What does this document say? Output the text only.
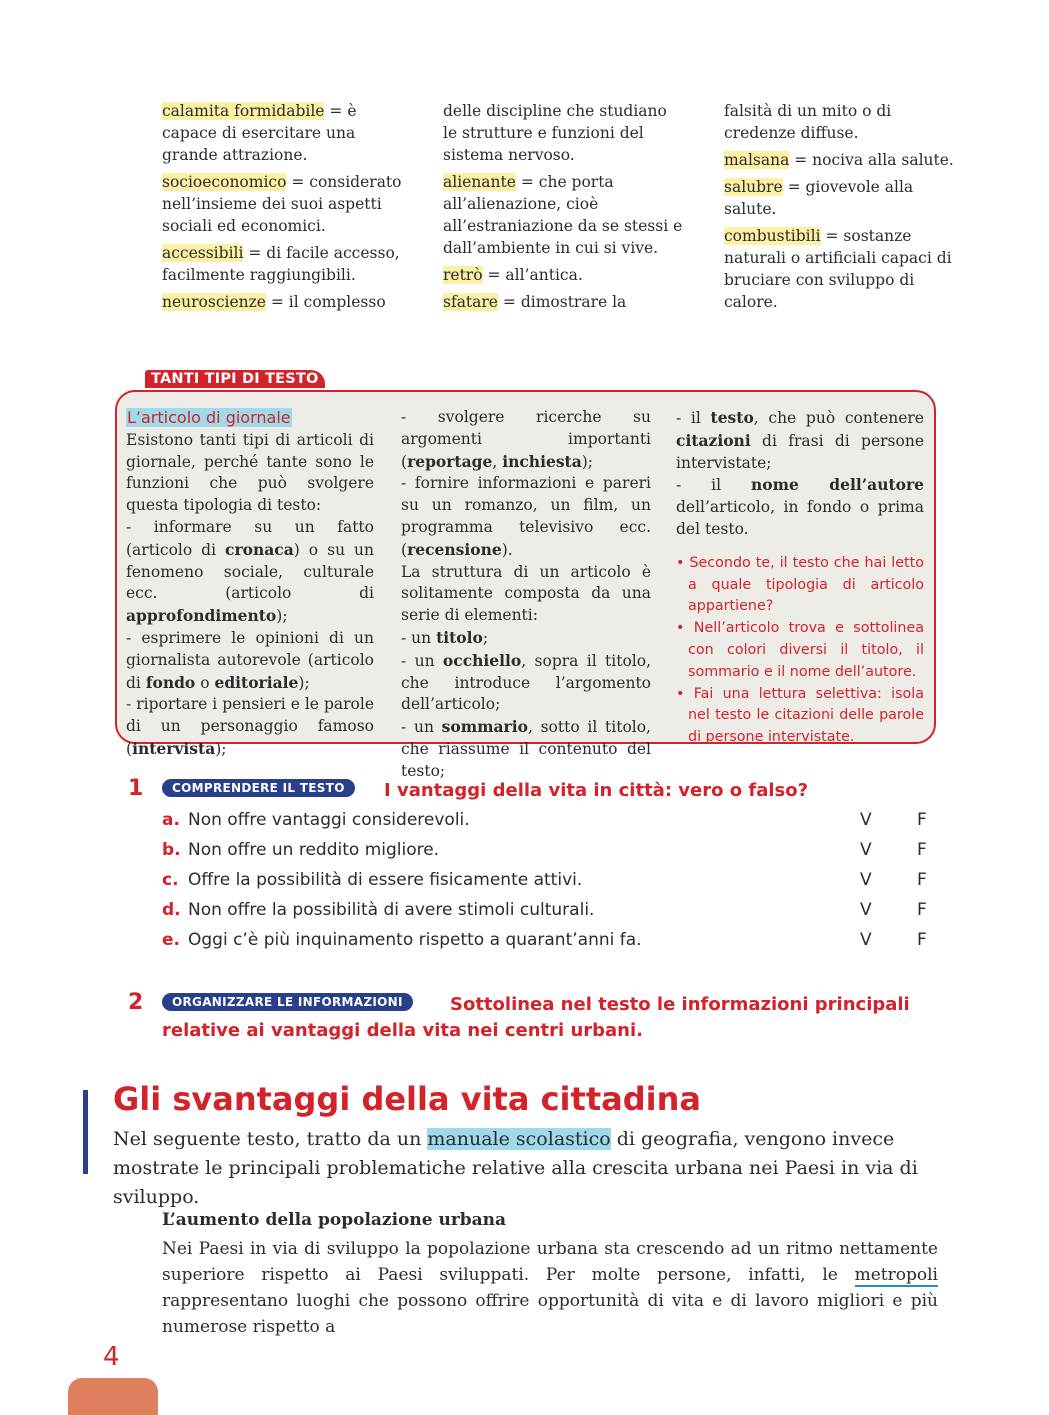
calamita formidabile = è capace di esercitare una grande attrazione.

socioeconomico = considerato nell’insieme dei suoi aspetti sociali ed economici.

accessibili = di facile accesso, facilmente raggiungibili.

neuroscienze = il complesso

delle discipline che studiano le strutture e funzioni del sistema nervoso.

alienante = che porta all’alienazione, cioè all’estraniazione da se stessi e dall’ambiente in cui si vive.

retrò = all’antica.

sfatare = dimostrare la

falsità di un mito o di credenze diffuse.

malsana = nociva alla salute.

salubre = giovevole alla salute.

combustibili = sostanze naturali o artificiali capaci di bruciare con sviluppo di calore.

TANTI TIPI DI TESTO
L’articolo di giornale
Esistono tanti tipi di articoli di giornale, perché tante sono le funzioni che può svolgere questa tipologia di testo:
- informare su un fatto (articolo di cronaca) o su un fenomeno sociale, culturale ecc. (articolo di approfondimento);
- esprimere le opinioni di un giornalista autorevole (articolo di fondo o editoriale);
- riportare i pensieri e le parole di un personaggio famoso (intervista);
- svolgere ricerche su argomenti importanti (reportage, inchiesta);
- fornire informazioni e pareri su un romanzo, un film, un programma televisivo ecc. (recensione).
La struttura di un articolo è solitamente composta da una serie di elementi:
- un titolo;
- un occhiello, sopra il titolo, che introduce l’argomento dell’articolo;
- un sommario, sotto il titolo, che riassume il contenuto del testo;
- il testo, che può contenere citazioni di frasi di persone intervistate;
- il nome dell’autore dell’articolo, in fondo o prima del testo.
• Secondo te, il testo che hai letto a quale tipologia di articolo appartiene?
• Nell’articolo trova e sottolinea con colori diversi il titolo, il sommario e il nome dell’autore.
• Fai una lettura selettiva: isola nel testo le citazioni delle parole di persone intervistate.
1	COMPRENDERE IL TESTO	I vantaggi della vita in città: vero o falso?
a. Non offre vantaggi considerevoli.	V	F
b. Non offre un reddito migliore.	V	F
c. Offre la possibilità di essere fisicamente attivi.	V	F
d. Non offre la possibilità di avere stimoli culturali.	V	F
e. Oggi c’è più inquinamento rispetto a quarant’anni fa.	V	F
2	ORGANIZZARE LE INFORMAZIONI	Sottolinea nel testo le informazioni principali
relative ai vantaggi della vita nei centri urbani.
Gli svantaggi della vita cittadina

Nel seguente testo, tratto da un manuale scolastico di geografia, vengono invece mostrate le principali problematiche relative alla crescita urbana nei Paesi in via di sviluppo.

L’aumento della popolazione urbana

Nei Paesi in via di sviluppo la popolazione urbana sta crescendo ad un ritmo nettamente superiore rispetto ai Paesi sviluppati. Per molte persone, infatti, le metropoli rappresentano luoghi che possono offrire opportunità di vita e di lavoro migliori e più numerose rispetto a

4
